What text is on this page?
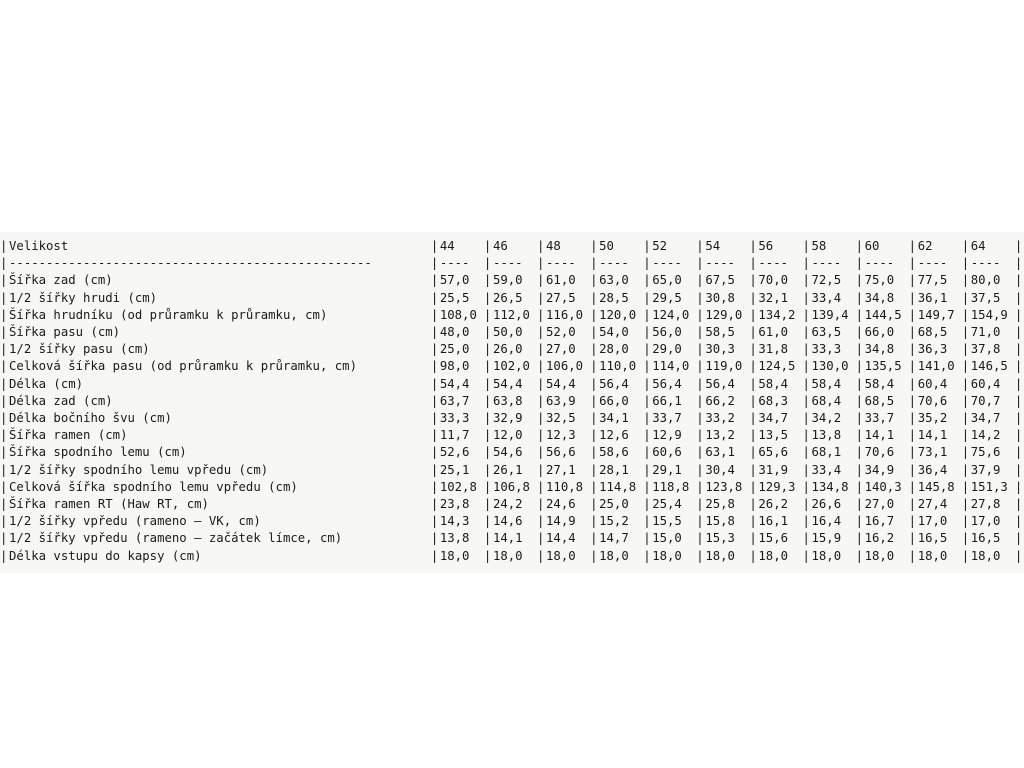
|	Velikost	|	44	|	46	|	48	|	50	|	52	|	54	|	56	|	58	|	60	|	62	|	64	|
|	-------------------------------------------------	|	----	|	----	|	----	|	----	|	----	|	----	|	----	|	----	|	----	|	----	|	----	|
|	Šířka zad (cm)	|	57,0	|	59,0	|	61,0	|	63,0	|	65,0	|	67,5	|	70,0	|	72,5	|	75,0	|	77,5	|	80,0	|
|	1/2 šířky hrudi (cm)	|	25,5	|	26,5	|	27,5	|	28,5	|	29,5	|	30,8	|	32,1	|	33,4	|	34,8	|	36,1	|	37,5	|
|	Šířka hrudníku (od průramku k průramku, cm)	|	108,0	|	112,0	|	116,0	|	120,0	|	124,0	|	129,0	|	134,2	|	139,4	|	144,5	|	149,7	|	154,9	|
|	Šířka pasu (cm)	|	48,0	|	50,0	|	52,0	|	54,0	|	56,0	|	58,5	|	61,0	|	63,5	|	66,0	|	68,5	|	71,0	|
|	1/2 šířky pasu (cm)	|	25,0	|	26,0	|	27,0	|	28,0	|	29,0	|	30,3	|	31,8	|	33,3	|	34,8	|	36,3	|	37,8	|
|	Celková šířka pasu (od průramku k průramku, cm)	|	98,0	|	102,0	|	106,0	|	110,0	|	114,0	|	119,0	|	124,5	|	130,0	|	135,5	|	141,0	|	146,5	|
|	Délka (cm)	|	54,4	|	54,4	|	54,4	|	56,4	|	56,4	|	56,4	|	58,4	|	58,4	|	58,4	|	60,4	|	60,4	|
|	Délka zad (cm)	|	63,7	|	63,8	|	63,9	|	66,0	|	66,1	|	66,2	|	68,3	|	68,4	|	68,5	|	70,6	|	70,7	|
|	Délka bočního švu (cm)	|	33,3	|	32,9	|	32,5	|	34,1	|	33,7	|	33,2	|	34,7	|	34,2	|	33,7	|	35,2	|	34,7	|
|	Šířka ramen (cm)	|	11,7	|	12,0	|	12,3	|	12,6	|	12,9	|	13,2	|	13,5	|	13,8	|	14,1	|	14,1	|	14,2	|
|	Šířka spodního lemu (cm)	|	52,6	|	54,6	|	56,6	|	58,6	|	60,6	|	63,1	|	65,6	|	68,1	|	70,6	|	73,1	|	75,6	|
|	1/2 šířky spodního lemu vpředu (cm)	|	25,1	|	26,1	|	27,1	|	28,1	|	29,1	|	30,4	|	31,9	|	33,4	|	34,9	|	36,4	|	37,9	|
|	Celková šířka spodního lemu vpředu (cm)	|	102,8	|	106,8	|	110,8	|	114,8	|	118,8	|	123,8	|	129,3	|	134,8	|	140,3	|	145,8	|	151,3	|
|	Šířka ramen RT (Haw RT, cm)	|	23,8	|	24,2	|	24,6	|	25,0	|	25,4	|	25,8	|	26,2	|	26,6	|	27,0	|	27,4	|	27,8	|
|	1/2 šířky vpředu (rameno – VK, cm)	|	14,3	|	14,6	|	14,9	|	15,2	|	15,5	|	15,8	|	16,1	|	16,4	|	16,7	|	17,0	|	17,0	|
|	1/2 šířky vpředu (rameno – začátek límce, cm)	|	13,8	|	14,1	|	14,4	|	14,7	|	15,0	|	15,3	|	15,6	|	15,9	|	16,2	|	16,5	|	16,5	|
|	Délka vstupu do kapsy (cm)	|	18,0	|	18,0	|	18,0	|	18,0	|	18,0	|	18,0	|	18,0	|	18,0	|	18,0	|	18,0	|	18,0	|
